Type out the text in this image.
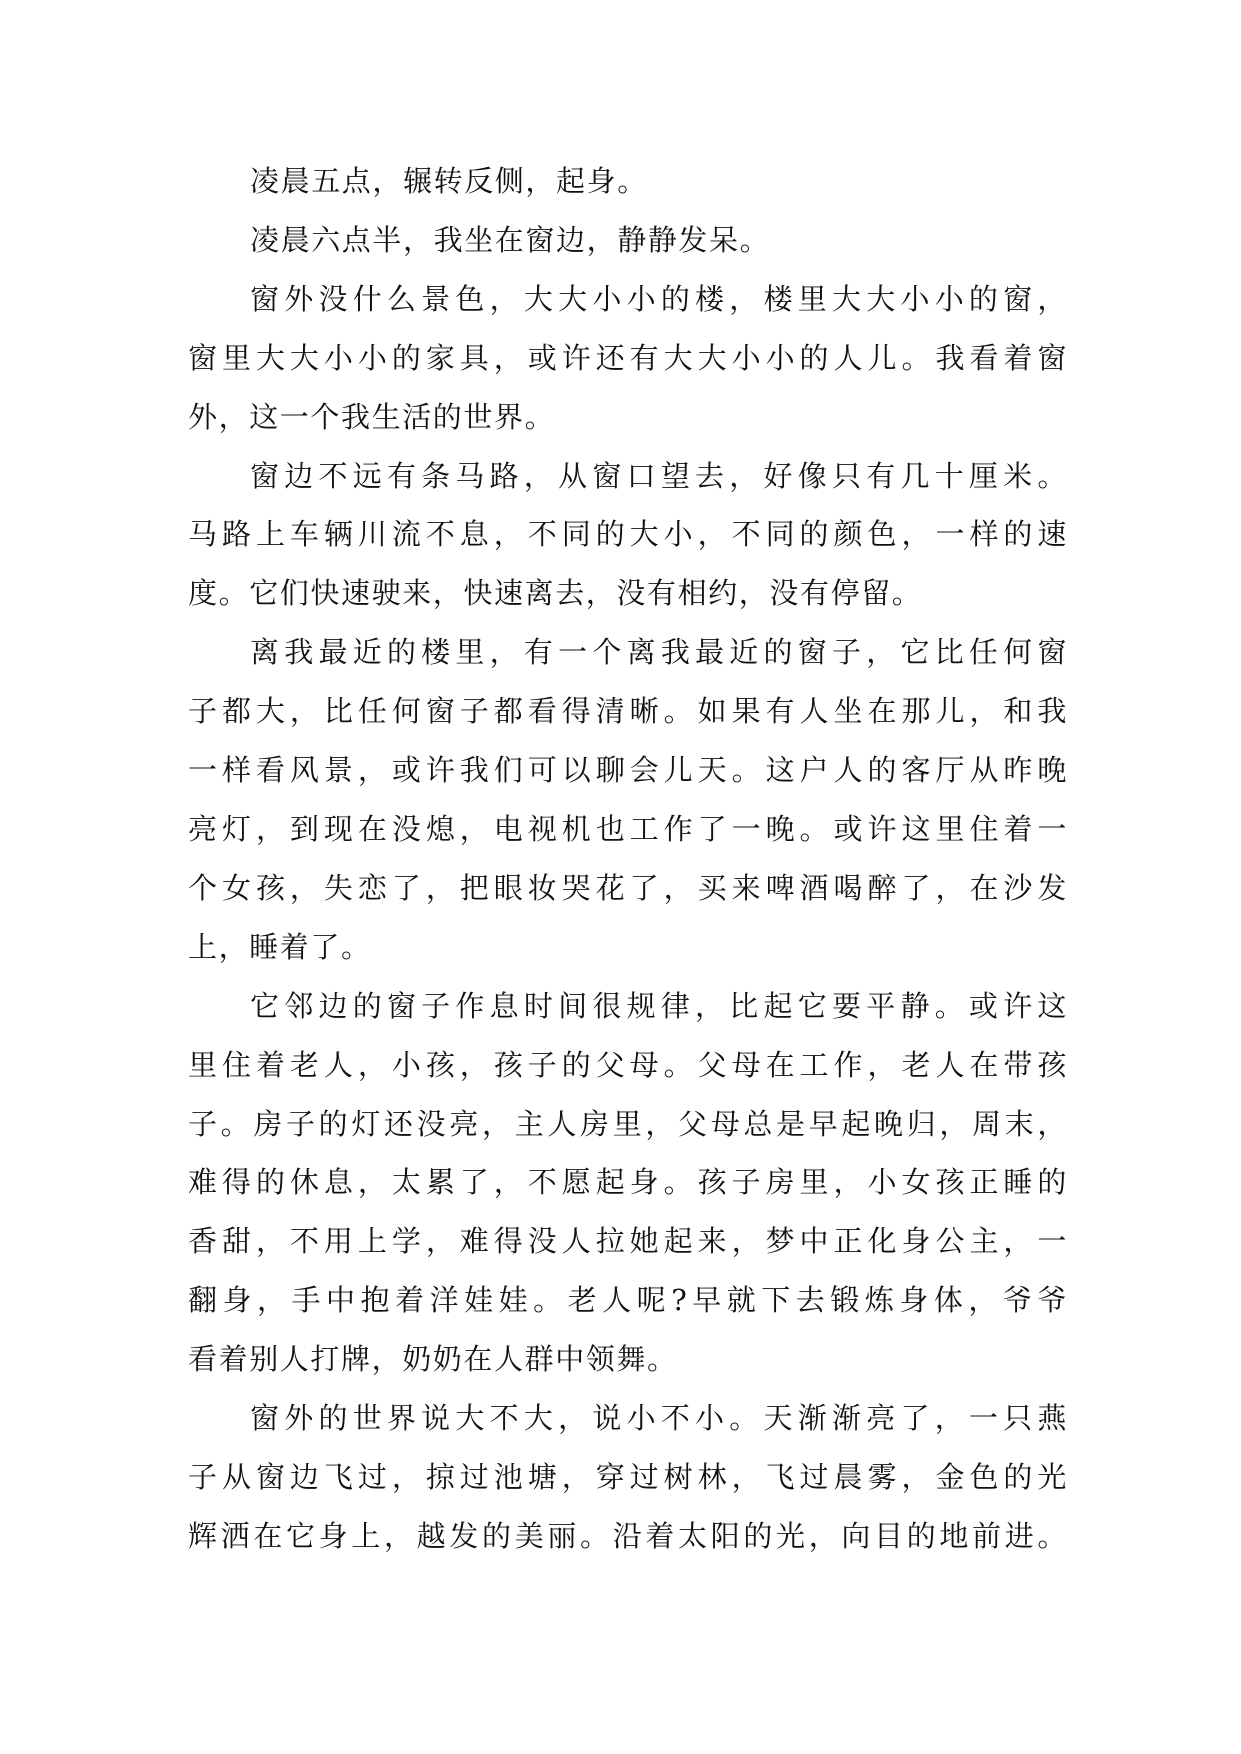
凌晨五点，辗转反侧，起身。
凌晨六点半，我坐在窗边，静静发呆。
窗外没什么景色，大大小小的楼，楼里大大小小的窗，
窗里大大小小的家具，或许还有大大小小的人儿。我看着窗
外，这一个我生活的世界。
窗边不远有条马路，从窗口望去，好像只有几十厘米。
马路上车辆川流不息，不同的大小，不同的颜色，一样的速
度。它们快速驶来，快速离去，没有相约，没有停留。
离我最近的楼里，有一个离我最近的窗子，它比任何窗
子都大，比任何窗子都看得清晰。如果有人坐在那儿，和我
一样看风景，或许我们可以聊会儿天。这户人的客厅从昨晚
亮灯，到现在没熄，电视机也工作了一晚。或许这里住着一
个女孩，失恋了，把眼妆哭花了，买来啤酒喝醉了，在沙发
上，睡着了。
它邻边的窗子作息时间很规律，比起它要平静。或许这
里住着老人，小孩，孩子的父母。父母在工作，老人在带孩
子。房子的灯还没亮，主人房里，父母总是早起晚归，周末，
难得的休息，太累了，不愿起身。孩子房里，小女孩正睡的
香甜，不用上学，难得没人拉她起来，梦中正化身公主，一
翻身，手中抱着洋娃娃。老人呢?早就下去锻炼身体，爷爷
看着别人打牌，奶奶在人群中领舞。
窗外的世界说大不大，说小不小。天渐渐亮了，一只燕
子从窗边飞过，掠过池塘，穿过树林，飞过晨雾，金色的光
辉洒在它身上，越发的美丽。沿着太阳的光，向目的地前进。
